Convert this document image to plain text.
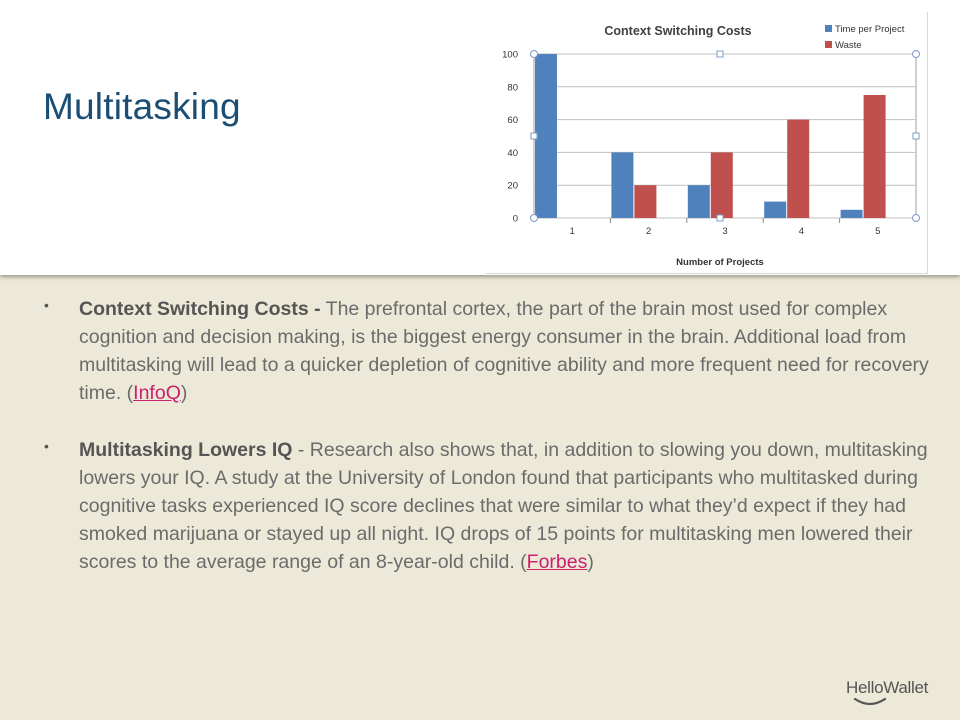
Multitasking
Context Switching Costs	Time per Project
Waste
0
20
40
60
80
100
1	2	3	4	5
Number of Projects
• Context Switching Costs - The prefrontal cortex, the part of the brain most used for complex cognition and decision making, is the biggest energy consumer in the brain. Additional load from multitasking will lead to a quicker depletion of cognitive ability and more frequent need for recovery time. (InfoQ)

• Multitasking Lowers IQ - Research also shows that, in addition to slowing you down, multitasking lowers your IQ. A study at the University of London found that participants who multitasked during cognitive tasks experienced IQ score declines that were similar to what they’d expect if they had smoked marijuana or stayed up all night. IQ drops of 15 points for multitasking men lowered their scores to the average range of an 8-year-old child. (Forbes)

HelloWallet
